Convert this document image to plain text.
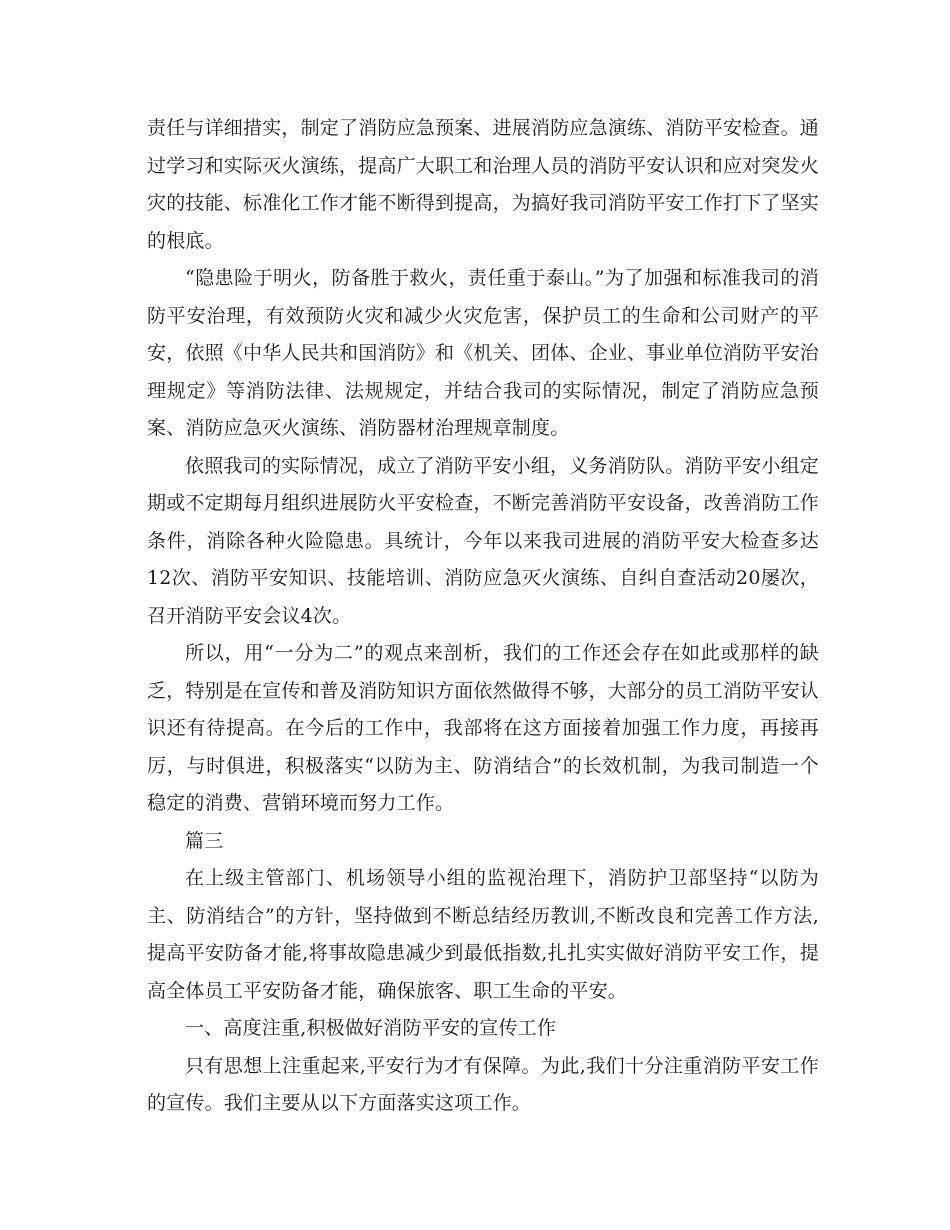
责任与详细措实，制定了消防应急预案、进展消防应急演练、消防平安检查。通过学习和实际灭火演练，提高广大职工和治理人员的消防平安认识和应对突发火灾的技能、标准化工作才能不断得到提高，为搞好我司消防平安工作打下了坚实的根底。

“隐患险于明火，防备胜于救火，责任重于泰山。”为了加强和标准我司的消防平安治理，有效预防火灾和减少火灾危害，保护员工的生命和公司财产的平安，依照《中华人民共和国消防》和《机关、团体、企业、事业单位消防平安治理规定》等消防法律、法规规定，并结合我司的实际情况，制定了消防应急预案、消防应急灭火演练、消防器材治理规章制度。

依照我司的实际情况，成立了消防平安小组，义务消防队。消防平安小组定期或不定期每月组织进展防火平安检查，不断完善消防平安设备，改善消防工作条件，消除各种火险隐患。具统计，今年以来我司进展的消防平安大检查多达12次、消防平安知识、技能培训、消防应急灭火演练、自纠自查活动20屡次，召开消防平安会议4次。

所以，用“一分为二”的观点来剖析，我们的工作还会存在如此或那样的缺乏，特别是在宣传和普及消防知识方面依然做得不够，大部分的员工消防平安认识还有待提高。在今后的工作中，我部将在这方面接着加强工作力度，再接再厉，与时俱进，积极落实“以防为主、防消结合”的长效机制，为我司制造一个稳定的消费、营销环境而努力工作。

篇三

在上级主管部门、机场领导小组的监视治理下，消防护卫部坚持“以防为主、防消结合”的方针，坚持做到不断总结经历教训,不断改良和完善工作方法,提高平安防备才能,将事故隐患减少到最低指数,扎扎实实做好消防平安工作，提高全体员工平安防备才能，确保旅客、职工生命的平安。

一、高度注重,积极做好消防平安的宣传工作

只有思想上注重起来,平安行为才有保障。为此,我们十分注重消防平安工作的宣传。我们主要从以下方面落实这项工作。
